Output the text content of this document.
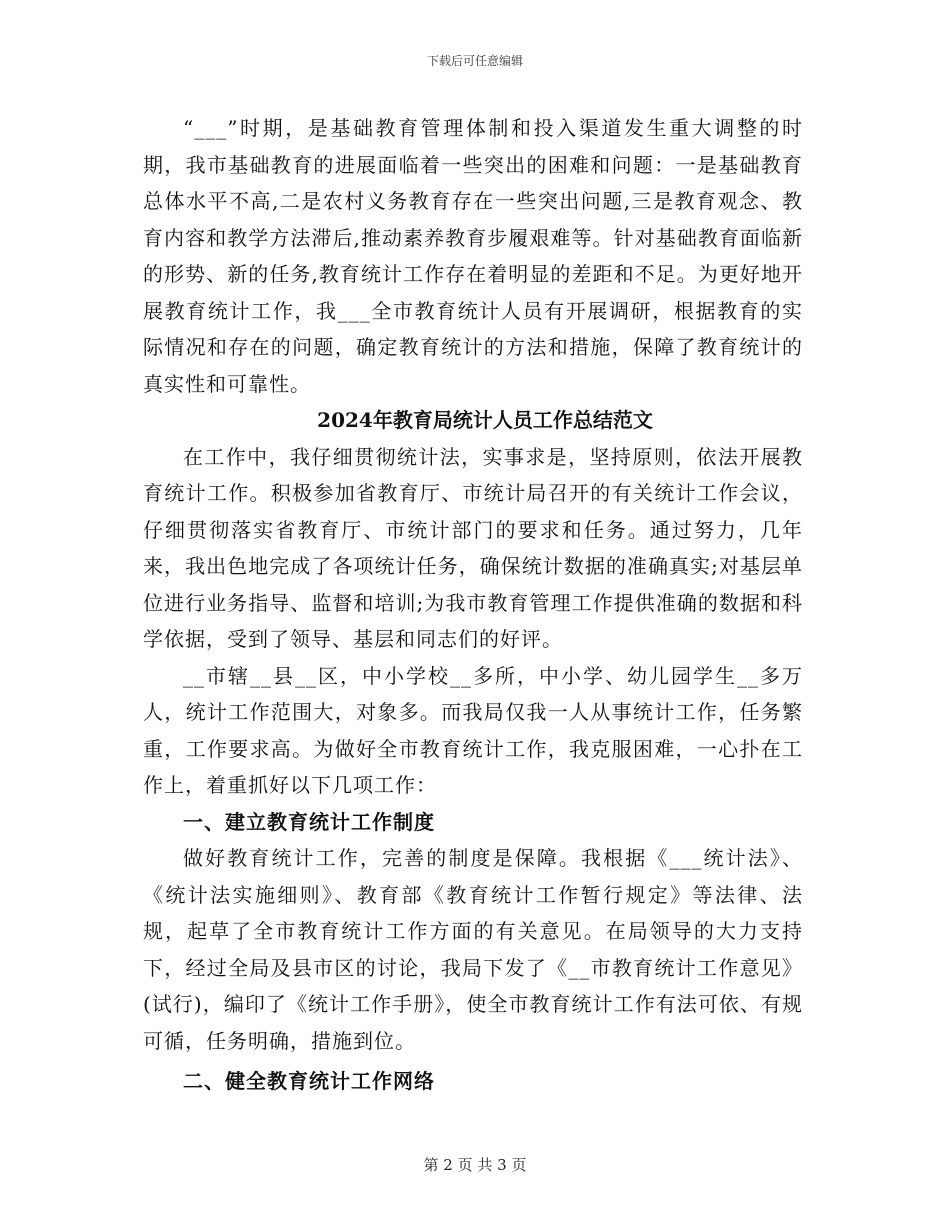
下载后可任意编辑

“___”时期，是基础教育管理体制和投入渠道发生重大调整的时期，我市基础教育的进展面临着一些突出的困难和问题：一是基础教育总体水平不高,二是农村义务教育存在一些突出问题,三是教育观念、教育内容和教学方法滞后,推动素养教育步履艰难等。针对基础教育面临新的形势、新的任务,教育统计工作存在着明显的差距和不足。为更好地开展教育统计工作，我___全市教育统计人员有开展调研，根据教育的实际情况和存在的问题，确定教育统计的方法和措施，保障了教育统计的真实性和可靠性。

2024年教育局统计人员工作总结范文

在工作中，我仔细贯彻统计法，实事求是，坚持原则，依法开展教育统计工作。积极参加省教育厅、市统计局召开的有关统计工作会议，仔细贯彻落实省教育厅、市统计部门的要求和任务。通过努力，几年来，我出色地完成了各项统计任务，确保统计数据的准确真实;对基层单位进行业务指导、监督和培训;为我市教育管理工作提供准确的数据和科学依据，受到了领导、基层和同志们的好评。

__市辖__县__区，中小学校__多所，中小学、幼儿园学生__多万人，统计工作范围大，对象多。而我局仅我一人从事统计工作，任务繁重，工作要求高。为做好全市教育统计工作，我克服困难，一心扑在工作上，着重抓好以下几项工作：

一、建立教育统计工作制度

做好教育统计工作，完善的制度是保障。我根据《___统计法》、《统计法实施细则》、教育部《教育统计工作暂行规定》等法律、法规，起草了全市教育统计工作方面的有关意见。在局领导的大力支持下，经过全局及县市区的讨论，我局下发了《__市教育统计工作意见》(试行)，编印了《统计工作手册》，使全市教育统计工作有法可依、有规可循，任务明确，措施到位。

二、健全教育统计工作网络

第 2 页 共 3 页
